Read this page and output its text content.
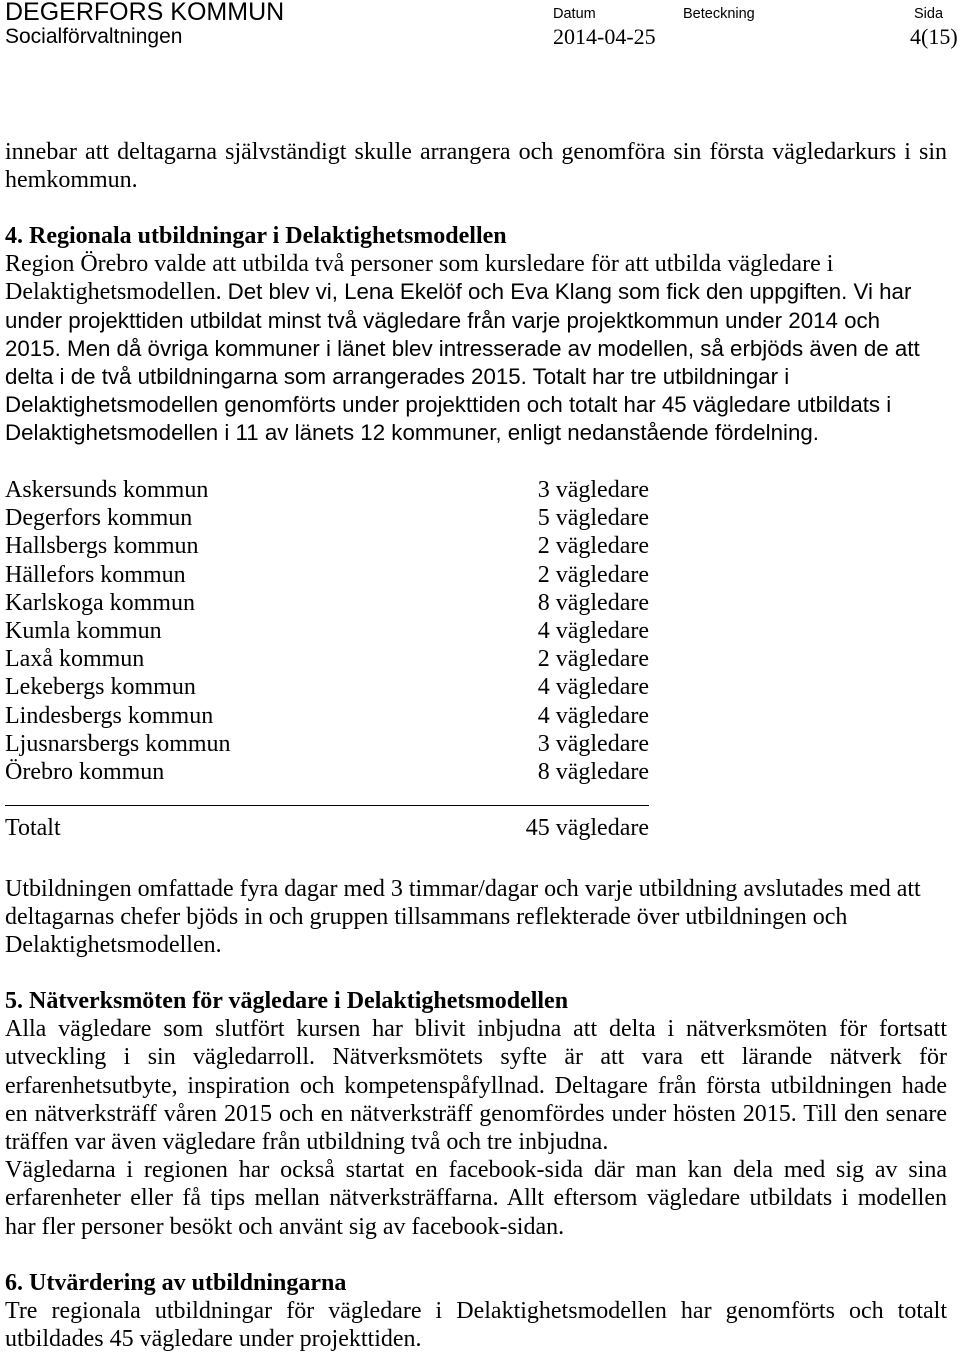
DEGERFORS KOMMUN
Socialförvaltningen
Datum	Beteckning	Sida
2014-04-25	4(15)
innebar att deltagarna självständigt skulle arrangera och genomföra sin första vägledarkurs i sin
hemkommun.
4. Regionala utbildningar i Delaktighetsmodellen
Region Örebro valde att utbilda två personer som kursledare för att utbilda vägledare i
Delaktighetsmodellen. Det blev vi, Lena Ekelöf och Eva Klang som fick den uppgiften. Vi har
under projekttiden utbildat minst två vägledare från varje projektkommun under 2014 och
2015. Men då övriga kommuner i länet blev intresserade av modellen, så erbjöds även de att
delta i de två utbildningarna som arrangerades 2015. Totalt har tre utbildningar i
Delaktighetsmodellen genomförts under projekttiden och totalt har 45 vägledare utbildats i
Delaktighetsmodellen i 11 av länets 12 kommuner, enligt nedanstående fördelning.
Askersunds kommun	3 vägledare
Degerfors kommun	5 vägledare
Hallsbergs kommun	2 vägledare
Hällefors kommun	2 vägledare
Karlskoga kommun	8 vägledare
Kumla kommun	4 vägledare
Laxå kommun	2 vägledare
Lekebergs kommun	4 vägledare
Lindesbergs kommun	4 vägledare
Ljusnarsbergs kommun	3 vägledare
Örebro kommun	8 vägledare
Totalt	45 vägledare
Utbildningen omfattade fyra dagar med 3 timmar/dagar och varje utbildning avslutades med att
deltagarnas chefer bjöds in och gruppen tillsammans reflekterade över utbildningen och
Delaktighetsmodellen.
5. Nätverksmöten för vägledare i Delaktighetsmodellen
Alla vägledare som slutfört kursen har blivit inbjudna att delta i nätverksmöten för fortsatt
utveckling i sin vägledarroll. Nätverksmötets syfte är att vara ett lärande nätverk för
erfarenhetsutbyte, inspiration och kompetenspåfyllnad. Deltagare från första utbildningen hade
en nätverksträff våren 2015 och en nätverksträff genomfördes under hösten 2015. Till den senare
träffen var även vägledare från utbildning två och tre inbjudna.
Vägledarna i regionen har också startat en facebook-sida där man kan dela med sig av sina
erfarenheter eller få tips mellan nätverksträffarna. Allt eftersom vägledare utbildats i modellen
har fler personer besökt och använt sig av facebook-sidan.
6. Utvärdering av utbildningarna
Tre regionala utbildningar för vägledare i Delaktighetsmodellen har genomförts och totalt
utbildades 45 vägledare under projekttiden.
